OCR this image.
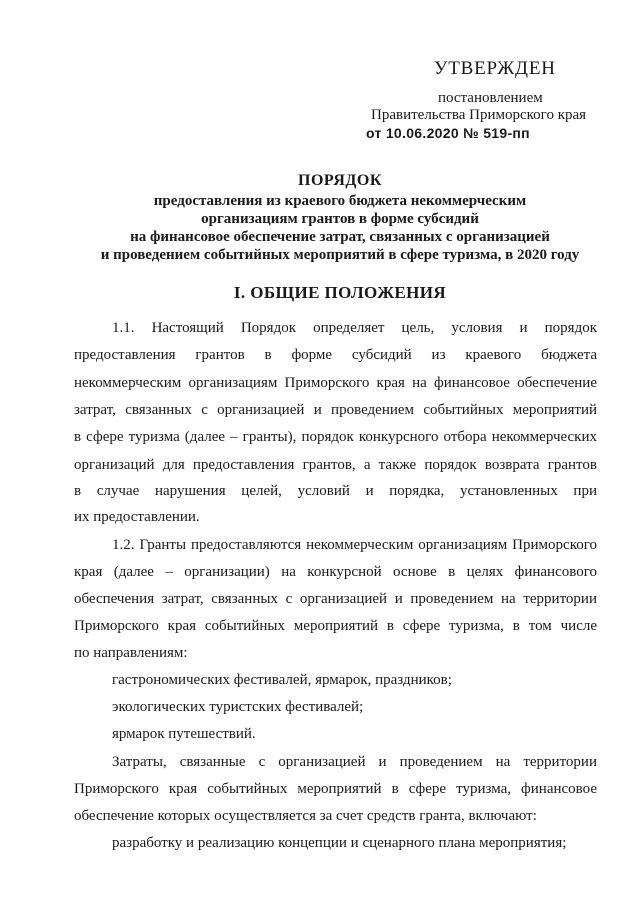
УТВЕРЖДЕН
постановлением
Правительства Приморского края
от 10.06.2020 № 519-пп
ПОРЯДОК
предоставления из краевого бюджета некоммерческим
организациям грантов в форме субсидий
на финансовое обеспечение затрат, связанных с организацией
и проведением событийных мероприятий в сфере туризма, в 2020 году
I. ОБЩИЕ ПОЛОЖЕНИЯ
1.1. Настоящий Порядок определяет цель, условия и порядок
предоставления грантов в форме субсидий из краевого бюджета
некоммерческим организациям Приморского края на финансовое обеспечение
затрат, связанных с организацией и проведением событийных мероприятий
в сфере туризма (далее – гранты), порядок конкурсного отбора некоммерческих
организаций для предоставления грантов, а также порядок возврата грантов
в случае нарушения целей, условий и порядка, установленных при
их предоставлении.
1.2. Гранты предоставляются некоммерческим организациям Приморского
края (далее – организации) на конкурсной основе в целях финансового
обеспечения затрат, связанных с организацией и проведением на территории
Приморского края событийных мероприятий в сфере туризма, в том числе
по направлениям:
гастрономических фестивалей, ярмарок, праздников;
экологических туристских фестивалей;
ярмарок путешествий.
Затраты, связанные с организацией и проведением на территории
Приморского края событийных мероприятий в сфере туризма, финансовое
обеспечение которых осуществляется за счет средств гранта, включают:
разработку и реализацию концепции и сценарного плана мероприятия;
